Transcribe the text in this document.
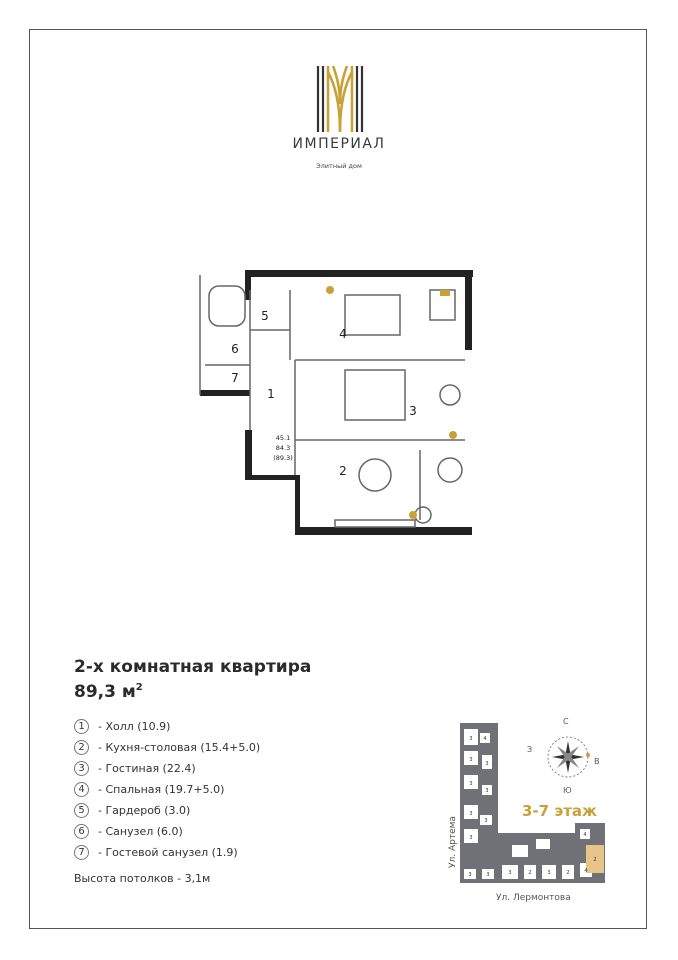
ИМПЕРИАЛ
Элитный дом
4
5
6
7
1
3
2
45.1
84.3
(89.3)
2-х комнатная квартира
89,3 $м^2$
1	- Холл (10.9)
2	- Кухня-столовая (15.4+5.0)
3	- Гостиная (22.4)
4	- Спальная (19.7+5.0)
5	- Гардероб (3.0)
6	- Санузел (6.0)
7	- Гостевой санузел (1.9)
Высота потолков - 3,1м
3 4
3
3
3
3
3
3
3
3	3	3	2	3	2	4
4
2
С
З
В
Ю
3-7 этаж
Ул. Артема
Ул. Лермонтова
